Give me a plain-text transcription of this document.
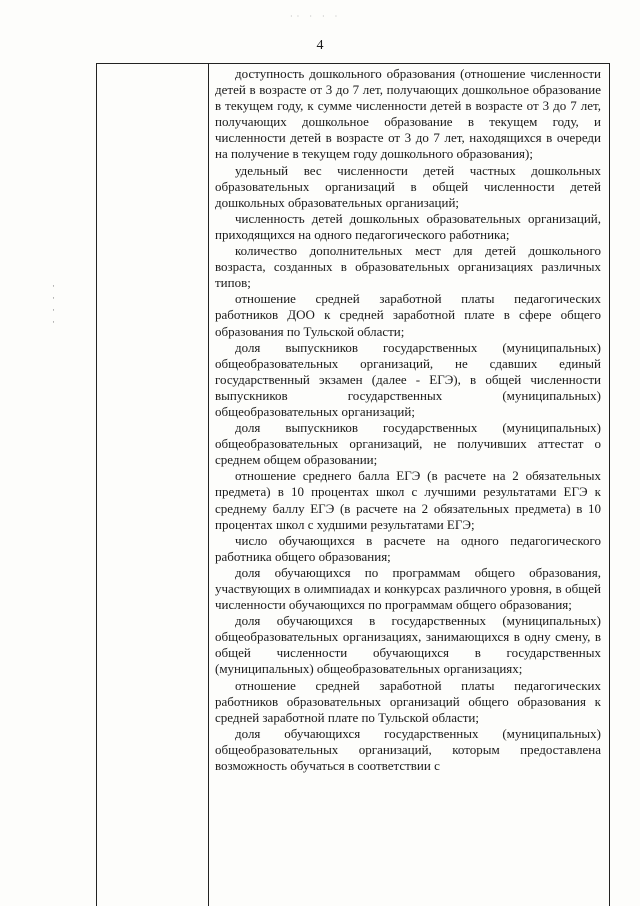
·· · · ·
4
·
·
·
·

доступность дошкольного образования (отношение численности детей в возрасте от 3 до 7 лет, получающих дошкольное образование в текущем году, к сумме численности детей в возрасте от 3 до 7 лет, получающих дошкольное образование в текущем году, и численности детей в возрасте от 3 до 7 лет, находящихся в очереди на получение в текущем году дошкольного образования);

удельный вес численности детей частных дошкольных образовательных организаций в общей численности детей дошкольных образовательных организаций;

численность детей дошкольных образовательных организаций, приходящихся на одного педагогического работника;

количество дополнительных мест для детей дошкольного возраста, созданных в образовательных организациях различных типов;

отношение средней заработной платы педагогических работников ДОО к средней заработной плате в сфере общего образования по Тульской области;

доля выпускников государственных (муниципальных) общеобразовательных организаций, не сдавших единый государственный экзамен (далее - ЕГЭ), в общей численности выпускников государственных (муниципальных) общеобразовательных организаций;

доля выпускников государственных (муниципальных) общеобразовательных организаций, не получивших аттестат о среднем общем образовании;

отношение среднего балла ЕГЭ (в расчете на 2 обязательных предмета) в 10 процентах школ с лучшими результатами ЕГЭ к среднему баллу ЕГЭ (в расчете на 2 обязательных предмета) в 10 процентах школ с худшими результатами ЕГЭ;

число обучающихся в расчете на одного педагогического работника общего образования;

доля обучающихся по программам общего образования, участвующих в олимпиадах и конкурсах различного уровня, в общей численности обучающихся по программам общего образования;

доля обучающихся в государственных (муниципальных) общеобразовательных организациях, занимающихся в одну смену, в общей численности обучающихся в государственных (муниципальных) общеобразовательных организациях;

отношение средней заработной платы педагогических работников образовательных организаций общего образования к средней заработной плате по Тульской области;

доля обучающихся государственных (муниципальных) общеобразовательных организаций, которым предоставлена возможность обучаться в соответствии с
